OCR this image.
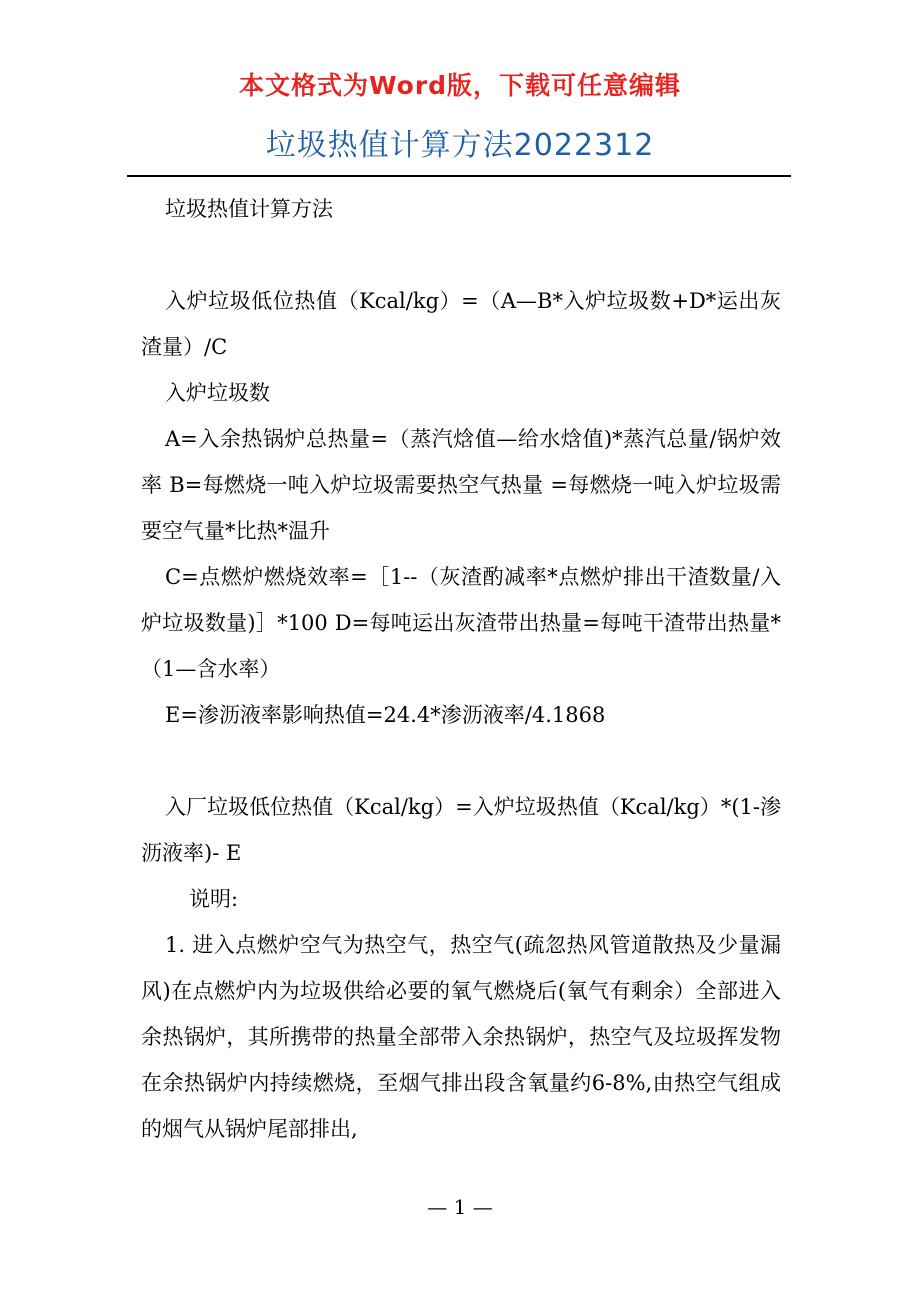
本文格式为Word版，下载可任意编辑
垃圾热值计算方法2022312

垃圾热值计算方法

入炉垃圾低位热值（Kcal/kg）=（A—B*入炉垃圾数+D*运出灰渣量）/C

入炉垃圾数

A=入余热锅炉总热量=（蒸汽焓值—给水焓值)*蒸汽总量/锅炉效率 B=每燃烧一吨入炉垃圾需要热空气热量 =每燃烧一吨入炉垃圾需要空气量*比热*温升

C=点燃炉燃烧效率=［1--（灰渣酌减率*点燃炉排出干渣数量/入炉垃圾数量)］*100 D=每吨运出灰渣带出热量=每吨干渣带出热量*（1—含水率）

E=渗沥液率影响热值=24.4*渗沥液率/4.1868

入厂垃圾低位热值（Kcal/kg）=入炉垃圾热值（Kcal/kg）*(1-渗沥液率)- E

说明:

1. 进入点燃炉空气为热空气，热空气(疏忽热风管道散热及少量漏风)在点燃炉内为垃圾供给必要的氧气燃烧后(氧气有剩余）全部进入余热锅炉，其所携带的热量全部带入余热锅炉，热空气及垃圾挥发物在余热锅炉内持续燃烧，至烟气排出段含氧量约6-8%,由热空气组成的烟气从锅炉尾部排出,

— 1 —
